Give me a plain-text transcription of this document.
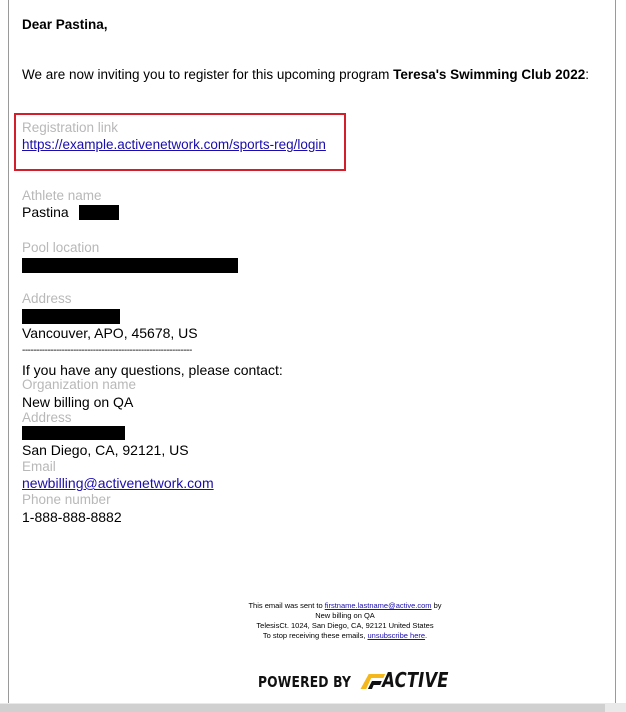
Dear Pastina,
We are now inviting you to register for this upcoming program Teresa's Swimming Club 2022:
Registration link
https://example.activenetwork.com/sports-reg/login
Athlete name
Pastina
Pool location
Address
Vancouver, APO, 45678, US
------------------------------------------------------------
If you have any questions, please contact:
Organization name
New billing on QA
Address
San Diego, CA, 92121, US
Email
newbilling@activenetwork.com
Phone number
1-888-888-8882
This email was sent to firstname.lastname@active.com by
New billing on QA
TelesisCt. 1024, San Diego, CA, 92121 United States
To stop receiving these emails, unsubscribe here.
POWERED BY ACTIVE
